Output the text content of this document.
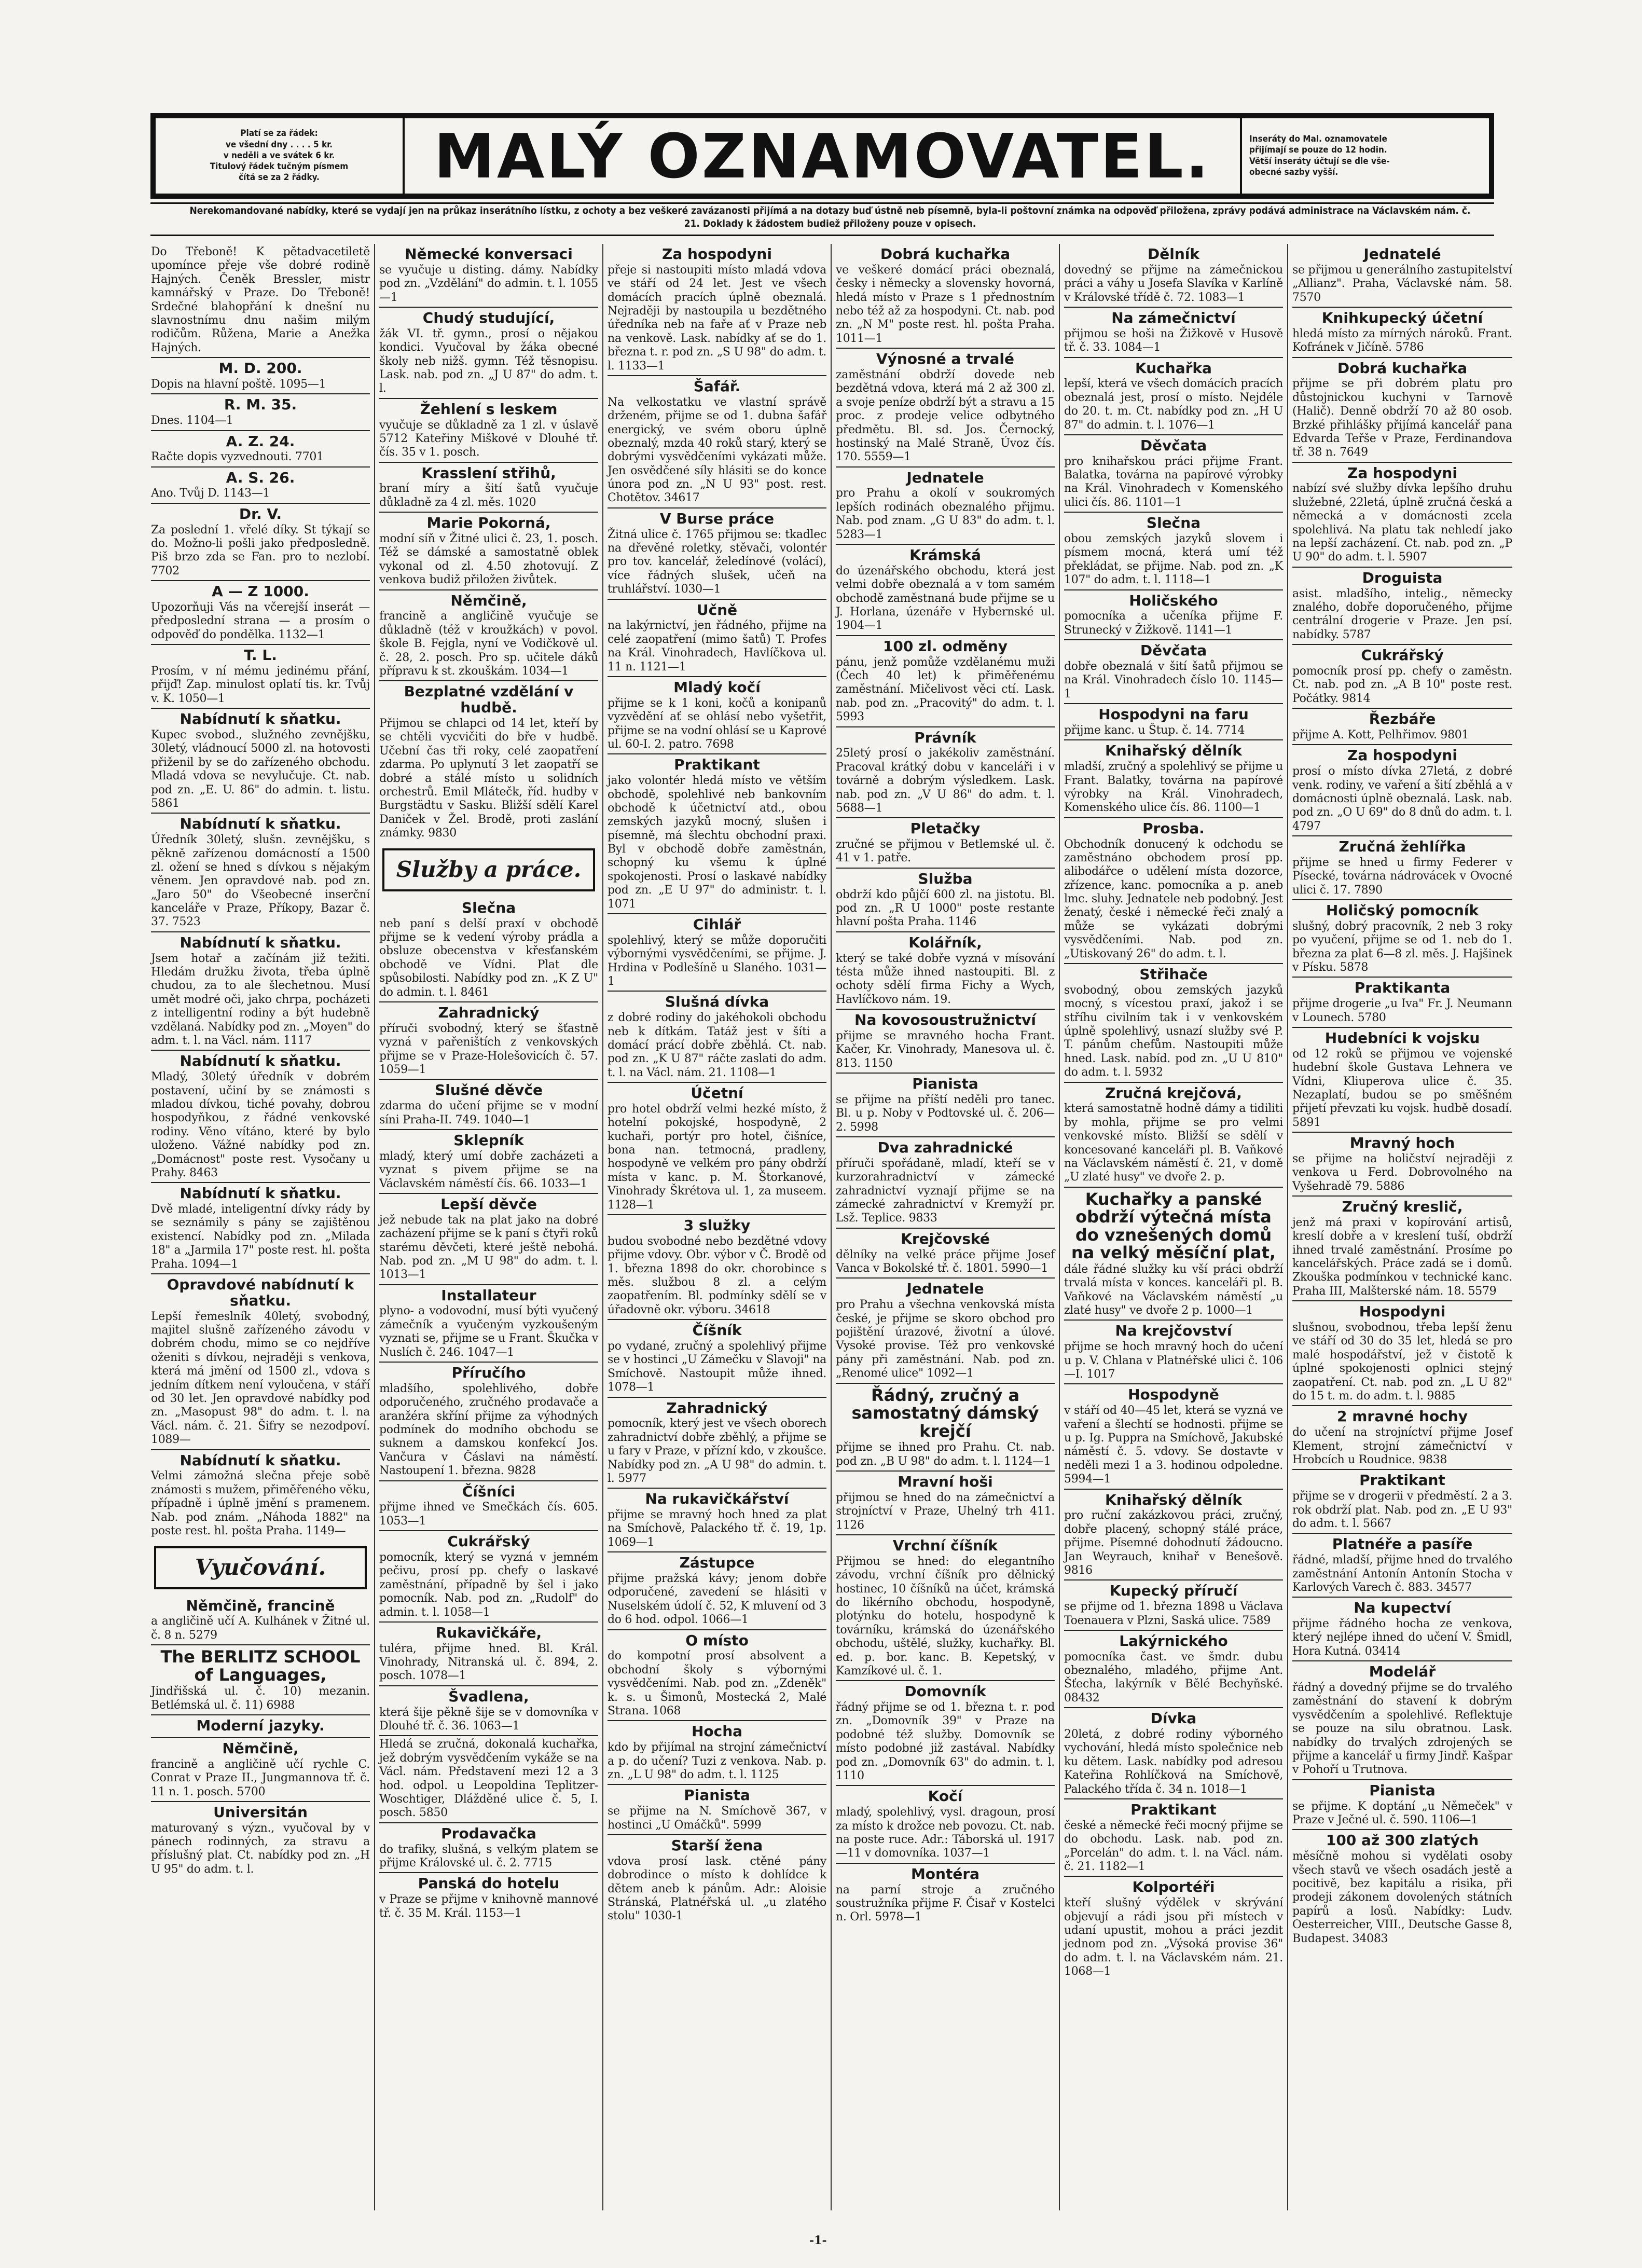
Platí se za řádek:
ve všední dny . . . . 5 kr.
v neděli a ve svátek 6 kr.
Titulový řádek tučným písmem
čítá se za 2 řádky.	MALÝ OZNAMOVATEL.	Inseráty do Mal. oznamovatele
přijímají se pouze do 12 hodin.
Větší inseráty účtují se dle vše-
obecné sazby vyšší.
Nerekomandované nabídky, které se vydají jen na průkaz inserátního lístku, z ochoty a bez veškeré zavázanosti přijímá a na dotazy buď ústně neb písemně, byla-li poštovní známka na odpověď přiložena, zprávy podává administrace na Václavském nám. č. 21. Doklady k žádostem budiež přiloženy pouze v opisech.
Do Třeboně! K pětadvacetiletě upomínce přeje vše dobré rodině Hajných. Čeněk Bressler, mistr kamnářský v Praze. Do Třeboně! Srdečné blahopřání k dnešní nu slavnostnímu dnu našim milým rodičům. Růžena, Marie a Anežka Hajných.
M. D. 200.
Dopis na hlavní poště. 1095—1
R. M. 35.
Dnes. 1104—1
A. Z. 24.
Račte dopis vyzvednouti. 7701
A. S. 26.
Ano. Tvůj D. 1143—1
Dr. V.
Za poslední 1. vřelé díky. St týkají se do. Možno-li pošli jako předposledně. Piš brzo zda se Fan. pro to nezlobí. 7702
A — Z 1000.
Upozorňuji Vás na včerejší inserát — předposlední strana — a prosím o odpověď do pondělka. 1132—1
T. L.
Prosím, v ní mému jedinému přání, přijď! Zap. minulost oplatí tis. kr. Tvůj v. K. 1050—1
Nabídnutí k sňatku.
Kupec svobod., služného zevnějšku, 30letý, vládnoucí 5000 zl. na hotovosti přiženil by se do zařízeného obchodu. Mladá vdova se nevylučuje. Ct. nab. pod zn. „E. U. 86" do admin. t. listu. 5861
Nabídnutí k sňatku.
Úředník 30letý, slušn. zevnějšku, s pěkně zařízenou domácností a 1500 zl. ožení se hned s dívkou s nějakým věnem. Jen opravdové nab. pod zn. „Jaro 50" do Všeobecné inserční kanceláře v Praze, Příkopy, Bazar č. 37. 7523
Nabídnutí k sňatku.
Jsem hotař a začínám již težiti. Hledám družku života, třeba úplně chudou, za to ale šlechetnou. Musí umět modré oči, jako chrpa, pocházeti z intelligentní rodiny a být hudebně vzdělaná. Nabídky pod zn. „Moyen" do adm. t. l. na Václ. nám. 1117
Nabídnutí k sňatku.
Mladý, 30letý úředník v dobrém postavení, učiní by se známosti s mladou dívkou, tiché povahy, dobrou hospodyňkou, z řádné venkovské rodiny. Věno vítáno, které by bylo uloženo. Vážné nabídky pod zn. „Domácnost" poste rest. Vysočany u Prahy. 8463
Nabídnutí k sňatku.
Dvě mladé, inteligentní dívky rády by se seznámily s pány se zajištěnou existencí. Nabídky pod zn. „Milada 18" a „Jarmila 17" poste rest. hl. pošta Praha. 1094—1
Opravdové nabídnutí k sňatku.
Lepší řemeslník 40letý, svobodný, majitel slušně zařízeného závodu v dobrém chodu, mimo se co nejdříve oženiti s dívkou, nejraději s venkova, která má jmění od 1500 zl., vdova s jedním dítkem není vyloučena, v stáří od 30 let. Jen opravdové nabídky pod zn. „Masopust 98" do adm. t. l. na Václ. nám. č. 21. Šifry se nezodpoví. 1089—
Nabídnutí k sňatku.
Velmi zámožná slečna přeje sobě známosti s mužem, přiměřeného věku, případně i úplně jmění s pramenem. Nab. pod znám. „Náhoda 1882" na poste rest. hl. pošta Praha. 1149—
Vyučování.
Němčině, francině
a angličině učí A. Kulhánek v Žitné ul. č. 8 n. 5279
The BERLITZ SCHOOL of Languages,
Jindřišská ul. č. 10) mezanin. Betlémská ul. č. 11) 6988
Moderní jazyky.
Němčině,
francině a angličině učí rychle C. Conrat v Praze II., Jungmannova tř. č. 11 n. 1. posch. 5700
Universitán
maturovaný s význ., vyučoval by v pánech rodinných, za stravu a příslušný plat. Ct. nabídky pod zn. „H U 95" do adm. t. l.
Německé konversaci
se vyučuje u disting. dámy. Nabídky pod zn. „Vzdělání" do admin. t. l. 1055—1
Chudý studující,
žák VI. tř. gymn., prosí o nějakou kondici. Vyučoval by žáka obecné školy neb nižš. gymn. Též těsnopisu. Lask. nab. pod zn. „J U 87" do adm. t. l.
Žehlení s leskem
vyučuje se důkladně za 1 zl. v úslavě 5712 Kateřiny Miškové v Dlouhé tř. čís. 35 v 1. posch.
Krasslení střihů,
braní míry a šití šatů vyučuje důkladně za 4 zl. měs. 1020
Marie Pokorná,
modní síň v Žitné ulici č. 23, 1. posch. Též se dámské a samostatně oblek vykonal od zl. 4.50 zhotovují. Z venkova budiž přiložen živůtek.
Němčině,
francině a angličině vyučuje se důkladně (též v kroužkách) v povol. škole B. Fejgla, nyní ve Vodičkově ul. č. 28, 2. posch. Pro sp. učitele dáků přípravu k st. zkouškám. 1034—1
Bezplatné vzdělání v hudbě.
Přijmou se chlapci od 14 let, kteří by se chtěli vycvičiti do bře v hudbě. Učební čas tři roky, celé zaopatření zdarma. Po uplynutí 3 let zaopatří se dobré a stálé místo u solidních orchestrů. Emil Mlátečk, říd. hudby v Burgstädtu v Sasku. Bližší sdělí Karel Daniček v Žel. Brodě, proti zaslání známky. 9830
Služby a práce.
Slečna
neb paní s delší praxí v obchodě přijme se k vedení výroby prádla a obsluze obecenstva v křesťanském obchodě ve Vídni. Plat dle spůsobilosti. Nabídky pod zn. „K Z U" do admin. t. l. 8461
Zahradnický
příruči svobodný, který se šťastně vyzná v pařeništích z venkovských přijme se v Praze-Holešovicích č. 57. 1059—1
Slušné děvče
zdarma do učení přijme se v modní síni Praha-II. 749. 1040—1
Sklepník
mladý, který umí dobře zacházeti a vyznat s pivem přijme se na Václavském náměstí čís. 66. 1033—1
Lepší děvče
jež nebude tak na plat jako na dobré zacházení přijme se k paní s čtyři roků starému děvčeti, které ještě nebohá. Nab. pod zn. „M U 98" do adm. t. l. 1013—1
Installateur
plyno- a vodovodní, musí býti vyučený zámečník a vyučeným vyzkoušeným vyznati se, přijme se u Frant. Škučka v Nuslích č. 246. 1047—1
Příručího
mladšího, spolehlivého, dobře odporučeného, zručného prodavače a aranžéra skříní přijme za výhodných podmínek do modního obchodu se suknem a damskou konfekcí Jos. Vančura v Čáslavi na náměstí. Nastoupení 1. března. 9828
Číšníci
přijme ihned ve Smečkách čís. 605. 1053—1
Cukrářský
pomocník, který se vyzná v jemném pečivu, prosí pp. chefy o laskavé zaměstnání, případně by šel i jako pomocník. Nab. pod zn. „Rudolf" do admin. t. l. 1058—1
Rukavičkáře,
tuléra, přijme hned. Bl. Král. Vinohrady, Nitranská ul. č. 894, 2. posch. 1078—1
Švadlena,
která šije pěkně šije se v domovníka v Dlouhé tř. č. 36. 1063—1
Hledá se zručná, dokonalá kuchařka, jež dobrým vysvědčením vykáže se na Václ. nám. Představení mezi 12 a 3 hod. odpol. u Leopoldina Teplitzer-Woschtiger, Dlážděné ulice č. 5, I. posch. 5850
Prodavačka
do trafiky, slušná, s velkým platem se přijme Královské ul. č. 2. 7715
Panská do hotelu
v Praze se přijme v knihovně mannové tř. č. 35 M. Král. 1153—1
Za hospodyni
přeje si nastoupiti místo mladá vdova ve stáří od 24 let. Jest ve všech domácích pracích úplně obeznalá. Nejraději by nastoupila u bezdětného úředníka neb na faře ať v Praze neb na venkově. Lask. nabídky ať se do 1. března t. r. pod zn. „S U 98" do adm. t. l. 1133—1
Šafář.
Na velkostatku ve vlastní správě drženém, přijme se od 1. dubna šafář energický, ve svém oboru úplně obeznalý, mzda 40 roků starý, který se dobrými vysvědčeními vykázati může. Jen osvědčené síly hlásiti se do konce února pod zn. „N U 93" post. rest. Chotětov. 34617
V Burse práce
Žitná ulice č. 1765 přijmou se: tkadlec na dřevěné roletky, stěvači, volontér pro tov. kancelář, želedínové (volácí), více řádných slušek, učeň na truhlářství. 1030—1
Učně
na lakýrnictví, jen řádného, přijme na celé zaopatření (mimo šatů) T. Profes na Král. Vinohradech, Havlíčkova ul. 11 n. 1121—1
Mladý kočí
přijme se k 1 koni, kočů a konipanů vyzvědění ať se ohlásí nebo vyšetřit, přijme se na vodní ohlásí se u Kaprové ul. 60-I. 2. patro. 7698
Praktikant
jako volontér hledá místo ve větším obchodě, spolehlivé neb bankovním obchodě k účetnictví atd., obou zemských jazyků mocný, slušen i písemně, má šlechtu obchodní praxi. Byl v obchodě dobře zaměstnán, schopný ku všemu k úplné spokojenosti. Prosí o laskavé nabídky pod zn. „E U 97" do administr. t. l. 1071
Cihlář
spolehlivý, který se může doporučiti výbornými vysvědčeními, se přijme. J. Hrdina v Podlešíně u Slaného. 1031—1
Slušná dívka
z dobré rodiny do jakéhokoli obchodu neb k dítkám. Tatáž jest v šíti a domácí prácí dobře zběhlá. Ct. nab. pod zn. „K U 87" ráčte zaslati do adm. t. l. na Václ. nám. 21. 1108—1
Účetní
pro hotel obdrží velmi hezké místo, ž hotelní pokojské, hospodyně, 2 kuchaři, portýr pro hotel, čišníce, bona nan. tetmocná, pradleny, hospodyně ve velkém pro pány obdrží místa v kanc. p. M. Štorkanové, Vinohrady Škrétova ul. 1, za museem. 1128—1
3 služky
budou svobodné nebo bezdětné vdovy přijme vdovy. Obr. výbor v Č. Brodě od 1. března 1898 do okr. chorobince s měs. službou 8 zl. a celým zaopatřením. Bl. podmínky sdělí se v úřadovně okr. výboru. 34618
Číšník
po vydané, zručný a spolehlivý přijme se v hostinci „U Zámečku v Slavoji" na Smíchově. Nastoupit může ihned. 1078—1
Zahradnický
pomocník, který jest ve všech oborech zahradnictví dobře zběhlý, a přijme se u fary v Praze, v přízní kdo, v zkoušce. Nabídky pod zn. „A U 98" do admin. t. l. 5977
Na rukavičkářství
přijme se mravný hoch hned za plat na Smíchově, Palackého tř. č. 19, 1p. 1069—1
Zástupce
přijme pražská kávy; jenom dobře odporučené, zavedení se hlásiti v Nuselském údolí č. 52, K mluvení od 3 do 6 hod. odpol. 1066—1
O místo
do kompotní prosí absolvent a obchodní školy s výbornými vysvědčeními. Nab. pod zn. „Zdeněk" k. s. u Šimonů, Mostecká 2, Malé Strana. 1068
Hocha
kdo by přijímal na strojní zámečnictví a p. do učení? Tuzi z venkova. Nab. p. zn. „L U 98" do adm. t. l. 1125
Pianista
se přijme na N. Smíchově 367, v hostinci „U Omáčků". 5999
Starší žena
vdova prosí lask. ctěné pány dobrodince o místo k dohlídce k dětem aneb k pánům. Adr.: Aloisie Stránská, Platnéřská ul. „u zlatého stolu" 1030-1
Dobrá kuchařka
ve veškeré domácí práci obeznalá, česky i německy a slovensky hovorná, hledá místo v Praze s 1 přednostním nebo též až za hospodyni. Ct. nab. pod zn. „N M" poste rest. hl. pošta Praha. 1011—1
Výnosné a trvalé
zaměstnání obdrží dovede neb bezdětná vdova, která má 2 až 300 zl. a svoje peníze obdrží být a stravu a 15 proc. z prodeje velice odbytného předmětu. Bl. sd. Jos. Černocký, hostinský na Malé Straně, Úvoz čís. 170. 5559—1
Jednatele
pro Prahu a okolí v soukromých lepších rodinách obeznalého přijmu. Nab. pod znam. „G U 83" do adm. t. l. 5283—1
Krámská
do úzenářského obchodu, která jest velmi dobře obeznalá a v tom samém obchodě zaměstnaná bude přijme se u J. Horlana, úzenáře v Hybernské ul. 1904—1
100 zl. odměny
pánu, jenž pomůže vzdělanému muži (Čech 40 let) k přiměřenému zaměstnání. Mičelivost věci ctí. Lask. nab. pod zn. „Pracovitý" do adm. t. l. 5993
Právník
25letý prosí o jakékoliv zaměstnání. Pracoval krátký dobu v kanceláři i v továrně a dobrým výsledkem. Lask. nab. pod zn. „V U 86" do adm. t. l. 5688—1
Pletačky
zručné se přijmou v Betlemské ul. č. 41 v 1. patře.
Služba
obdrží kdo půjčí 600 zl. na jistotu. Bl. pod zn. „R U 1000" poste restante hlavní pošta Praha. 1146
Kolářník,
který se také dobře vyzná v mísování tésta může ihned nastoupiti. Bl. z ochoty sdělí firma Fichy a Wych, Havlíčkovo nám. 19.
Na kovosoustružnictví
přijme se mravného hocha Frant. Kačer, Kr. Vinohrady, Manesova ul. č. 813. 1150
Pianista
se přijme na příští neděli pro tanec. Bl. u p. Noby v Podtovské ul. č. 206—2. 5998
Dva zahradnické
příruči spořádaně, mladí, kteří se v kurzorahradnictví v zámecké zahradnictví vyznají přijme se na zámecké zahradnictví v Kremyží pr. Lsž. Teplice. 9833
Krejčovské
dělníky na velké práce přijme Josef Vanca v Bokolské tř. č. 1801. 5990—1
Jednatele
pro Prahu a všechna venkovská místa české, je přijme se skoro obchod pro pojištění úrazové, životní a úlové. Vysoké provise. Též pro venkovské pány při zaměstnání. Nab. pod zn. „Renomé ulice" 1092—1
Řádný, zručný a samostatný dámský krejčí
přijme se ihned pro Prahu. Ct. nab. pod zn. „B U 98" do adm. t. l. 1124—1
Mravní hoši
přijmou se hned do na zámečnictví a strojníctví v Praze, Uhelný trh 411. 1126
Vrchní číšník
Přijmou se hned: do elegantního závodu, vrchní číšník pro dělnický hostinec, 10 číšníků na účet, krámská do likérního obchodu, hospodyně, plotýnku do hotelu, hospodyně k továrníku, krámská do úzenářského obchodu, uštělé, služky, kuchařky. Bl. ed. p. bor. kanc. B. Kepetský, v Kamzíkové ul. č. 1.
Domovník
řádný přijme se od 1. března t. r. pod zn. „Domovník 39" v Praze na podobné též služby. Domovník se místo podobné již zastával. Nabídky pod zn. „Domovník 63" do admin. t. l. 1110
Kočí
mladý, spolehlivý, vysl. dragoun, prosí za místo k drožce neb povozu. Ct. nab. na poste ruce. Adr.: Táborská ul. 1917—11 v domovníka. 1037—1
Montéra
na parní stroje a zručného soustružníka přijme F. Čisař v Kostelci n. Orl. 5978—1
Dělník
dovedný se přijme na zámečnickou práci a váhy u Josefa Slavíka v Karlíně v Královské třídě č. 72. 1083—1
Na zámečnictví
přijmou se hoši na Žižkově v Husově tř. č. 33. 1084—1
Kuchařka
lepší, která ve všech domácích pracích obeznalá jest, prosí o místo. Nejdéle do 20. t. m. Ct. nabídky pod zn. „H U 87" do admin. t. l. 1076—1
Děvčata
pro knihařskou práci přijme Frant. Balatka, továrna na papírové výrobky na Král. Vinohradech v Komenského ulici čís. 86. 1101—1
Slečna
obou zemských jazyků slovem i písmem mocná, která umí též překládat, se přijme. Nab. pod zn. „K 107" do adm. t. l. 1118—1
Holičského
pomocníka a učeníka přijme F. Strunecký v Žižkově. 1141—1
Děvčata
dobře obeznalá v šití šatů přijmou se na Král. Vinohradech číslo 10. 1145—1
Hospodyni na faru
přijme kanc. u Štup. č. 14. 7714
Knihařský dělník
mladší, zručný a spolehlivý se přijme u Frant. Balatky, továrna na papírové výrobky na Král. Vinohradech, Komenského ulice čís. 86. 1100—1
Prosba.
Obchodník donucený k odchodu se zaměstnáno obchodem prosí pp. alibodářce o udělení místa dozorce, zřízence, kanc. pomocníka a p. aneb lmc. sluhy. Jednatele neb podobný. Jest ženatý, české i německé řeči znalý a může se vykázati dobrými vysvědčeními. Nab. pod zn. „Utiskovaný 26" do adm. t. l.
Střihače
svobodný, obou zemských jazyků mocný, s vícestou praxí, jakož i se stříhu civilním tak i v venkovském úplně spolehlivý, usnazí služby své P. T. pánům chefům. Nastoupiti může hned. Lask. nabíd. pod zn. „U U 810" do adm. t. l. 5932
Zručná krejčová,
která samostatně hodně dámy a tidiliti by mohla, přijme se pro velmi venkovské místo. Bližší se sdělí v koncesované kanceláři pl. B. Vaňkové na Václavském náměstí č. 21, v domě „U zlaté husy" ve dvoře 2. p.
Kuchařky a panské obdrží výtečná místa do vznešených domů na velký měsíční plat,
dále řádné služky ku vší práci obdrží trvalá místa v konces. kanceláři pl. B. Vaňkové na Václavském náměstí „u zlaté husy" ve dvoře 2 p. 1000—1
Na krejčovství
přijme se hoch mravný hoch do učení u p. V. Chlana v Platnéřské ulici č. 106—I. 1017
Hospodyně
v stáří od 40—45 let, která se vyzná ve vaření a šlechtí se hodnosti. přijme se u p. Ig. Puppra na Smíchově, Jakubské náměstí č. 5. vdovy. Se dostavte v neděli mezi 1 a 3. hodinou odpoledne. 5994—1
Knihařský dělník
pro ruční zakázkovou práci, zručný, dobře placený, schopný stálé práce, přijme. Písemné dohodnutí žádoucno. Jan Weyrauch, knihař v Benešově. 9816
Kupecký příručí
se přijme od 1. března 1898 u Václava Toenauera v Plzni, Saská ulice. 7589
Lakýrnického
pomocníka čast. ve šmdr. dubu obeznalého, mladého, přijme Ant. Šťecha, lakýrník v Bělé Bechyňské. 08432
Dívka
20letá, z dobré rodiny výborného vychování, hledá místo společnice neb ku dětem. Lask. nabídky pod adresou Kateřina Rohlíčková na Smíchově, Palackého třída č. 34 n. 1018—1
Praktikant
české a německé řeči mocný přijme se do obchodu. Lask. nab. pod zn. „Porcelán" do adm. t. l. na Václ. nám. č. 21. 1182—1
Kolportéři
kteří slušný výdělek v skrývání objevují a rádi jsou při místech v udaní upustit, mohou a práci jezdit jednom pod zn. „Výsoká provise 36" do adm. t. l. na Václavském nám. 21. 1068—1
Jednatelé
se přijmou u generálního zastupitelství „Allianz". Praha, Václavské nám. 58. 7570
Knihkupecký účetní
hledá místo za mírných nároků. Frant. Kofránek v Jičíně. 5786
Dobrá kuchařka
přijme se při dobrém platu pro důstojnickou kuchyni v Tarnově (Halič). Denně obdrží 70 až 80 osob. Brzké přihlášky přijímá kancelář pana Edvarda Teřše v Praze, Ferdinandova tř. 38 n. 7649
Za hospodyni
nabízí své služby dívka lepšího druhu služebné, 22letá, úplně zručná česká a německá a v domácnosti zcela spolehlivá. Na platu tak nehledí jako na lepší zacházení. Ct. nab. pod zn. „P U 90" do adm. t. l. 5907
Droguista
asist. mladšího, intelig., německy znalého, dobře doporučeného, přijme centrální drogerie v Praze. Jen psí. nabídky. 5787
Cukrářský
pomocník prosí pp. chefy o zaměstn. Ct. nab. pod zn. „A B 10" poste rest. Počátky. 9814
Řezbáře
přijme A. Kott, Pelhřimov. 9801
Za hospodyni
prosí o místo dívka 27letá, z dobré venk. rodiny, ve vaření a šití zběhlá a v domácnosti úplně obeznalá. Lask. nab. pod zn. „O U 69" do 8 dnů do adm. t. l. 4797
Zručná žehlířka
přijme se hned u firmy Federer v Písecké, továrna nádrovácek v Ovocné ulici č. 17. 7890
Holičský pomocník
slušný, dobrý pracovník, 2 neb 3 roky po vyučení, přijme se od 1. neb do 1. března za plat 6—8 zl. měs. J. Hajšinek v Písku. 5878
Praktikanta
přijme drogerie „u Iva" Fr. J. Neumann v Lounech. 5780
Hudebníci k vojsku
od 12 roků se přijmou ve vojenské hudební škole Gustava Lehnera ve Vídni, Kliuperova ulice č. 35. Nezaplatí, budou se po směšném přijetí převzati ku vojsk. hudbě dosadí. 5891
Mravný hoch
se přijme na holičství nejraději z venkova u Ferd. Dobrovolného na Vyšehradě 79. 5886
Zručný kreslič,
jenž má praxi v kopírování artisů, kreslí dobře a v kreslení tuší, obdrží ihned trvalé zaměstnání. Prosíme po kancelářských. Práce zadá se i domů. Zkouška podmínkou v technické kanc. Praha III, Malšterské nám. 18. 5579
Hospodyni
slušnou, svobodnou, třeba lepší ženu ve stáří od 30 do 35 let, hledá se pro malé hospodářství, jež v čistotě k úplné spokojenosti oplnici stejný zaopatření. Ct. nab. pod zn. „L U 82" do 15 t. m. do adm. t. l. 9885
2 mravné hochy
do učení na strojníctví přijme Josef Klement, strojní zámečnictví v Hrobcích u Roudnice. 9838
Praktikant
přijme se v drogerii v předměstí. 2 a 3. rok obdrží plat. Nab. pod zn. „E U 93" do adm. t. l. 5667
Platnéře a pasíře
řádné, mladší, přijme hned do trvalého zaměstnání Antonín Antonín Stocha v Karlových Varech č. 883. 34577
Na kupectví
přijme řádného hocha ze venkova, který nejlépe ihned do učení V. Šmidl, Hora Kutná. 03414
Modelář
řádný a dovedný přijme se do trvalého zaměstnání do stavení k dobrým vysvědčením a spolehlivé. Reflektuje se pouze na silu obratnou. Lask. nabídky do trvalých zdrojených se přijme a kancelář u firmy Jindř. Kašpar v Pohoří u Trutnova.
Pianista
se přijme. K doptání „u Němeček" v Praze v Ječné ul. č. 590. 1106—1
100 až 300 zlatých
měsíčně mohou si vydělati osoby všech stavů ve všech osadách jestě a pocitivě, bez kapitálu a risika, při prodeji zákonem dovolených státních papírů a losů. Nabídky: Ludv. Oesterreicher, VIII., Deutsche Gasse 8, Budapest. 34083
-1-
